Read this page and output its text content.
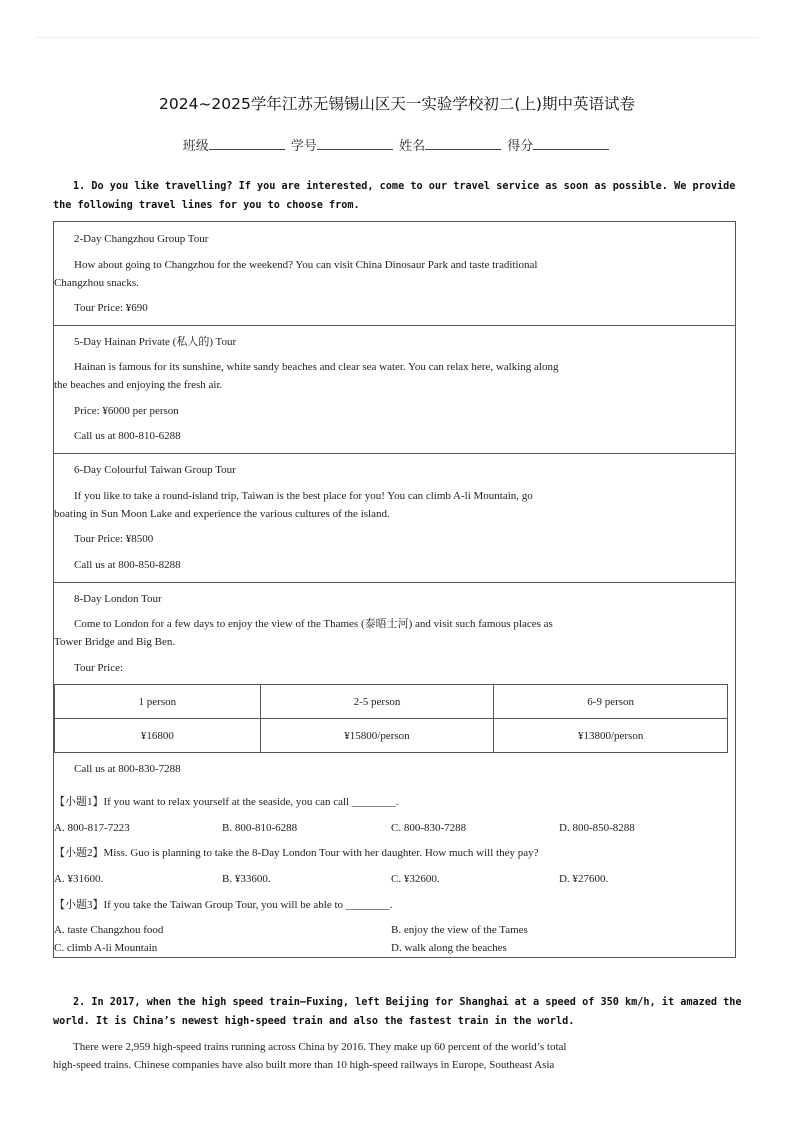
2024~2025学年江苏无锡锡山区天一实验学校初二(上)期中英语试卷
班级	学号	姓名	得分
1. Do you like travelling? If you are interested, come to our travel service as soon as possible. We provide
the following travel lines for you to choose from.
2-Day Changzhou Group Tour
How about going to Changzhou for the weekend? You can visit China Dinosaur Park and taste traditional
Changzhou snacks.
Tour Price: ¥690
5-Day Hainan Private (私人的) Tour
Hainan is famous for its sunshine, white sandy beaches and clear sea water. You can relax here, walking along
the beaches and enjoying the fresh air.
Price: ¥6000 per person
Call us at 800-810-6288
6-Day Colourful Taiwan Group Tour
If you like to take a round-island trip, Taiwan is the best place for you! You can climb A-li Mountain, go
boating in Sun Moon Lake and experience the various cultures of the island.
Tour Price: ¥8500
Call us at 800-850-8288
8-Day London Tour
Come to London for a few days to enjoy the view of the Thames (泰晤士河) and visit such famous places as
Tower Bridge and Big Ben.
Tour Price:
1 person	2-5 person	6-9 person
¥16800	¥15800/person	¥13800/person
Call us at 800-830-7288
【小题1】If you want to relax yourself at the seaside, you can call ________.
A. 800-817-7223	B. 800-810-6288	C. 800-830-7288	D. 800-850-8288
【小题2】Miss. Guo is planning to take the 8-Day London Tour with her daughter. How much will they pay?
A. ¥31600.	B. ¥33600.	C. ¥32600.	D. ¥27600.
【小题3】If you take the Taiwan Group Tour, you will be able to ________.
A. taste Changzhou food	B. enjoy the view of the Tames
C. climb A-li Mountain	D. walk along the beaches
2. In 2017, when the high speed train—Fuxing, left Beijing for Shanghai at a speed of 350 km/h, it amazed the
world. It is China’s newest high-speed train and also the fastest train in the world.
There were 2,959 high-speed trains running across China by 2016. They make up 60 percent of the world’s total
high-speed trains. Chinese companies have also built more than 10 high-speed railways in Europe, Southeast Asia
